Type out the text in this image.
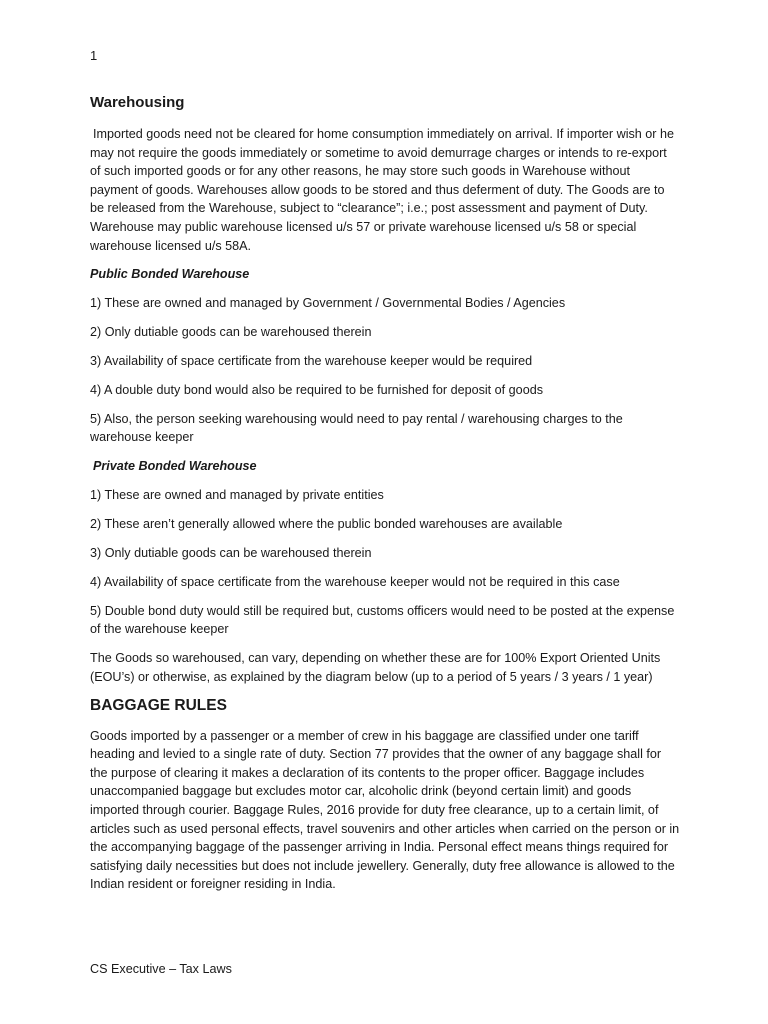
1
Warehousing

Imported goods need not be cleared for home consumption immediately on arrival. If importer wish or he may not require the goods immediately or sometime to avoid demurrage charges or intends to re-export of such imported goods or for any other reasons, he may store such goods in Warehouse without payment of goods. Warehouses allow goods to be stored and thus deferment of duty. The Goods are to be released from the Warehouse, subject to “clearance”; i.e.; post assessment and payment of Duty. Warehouse may public warehouse licensed u/s 57 or private warehouse licensed u/s 58 or special warehouse licensed u/s 58A.

Public Bonded Warehouse

1) These are owned and managed by Government / Governmental Bodies / Agencies

2) Only dutiable goods can be warehoused therein

3) Availability of space certificate from the warehouse keeper would be required

4) A double duty bond would also be required to be furnished for deposit of goods

5) Also, the person seeking warehousing would need to pay rental / warehousing charges to the warehouse keeper

Private Bonded Warehouse

1) These are owned and managed by private entities

2) These aren’t generally allowed where the public bonded warehouses are available

3) Only dutiable goods can be warehoused therein

4) Availability of space certificate from the warehouse keeper would not be required in this case

5) Double bond duty would still be required but, customs officers would need to be posted at the expense of the warehouse keeper

The Goods so warehoused, can vary, depending on whether these are for 100% Export Oriented Units (EOU’s) or otherwise, as explained by the diagram below (up to a period of 5 years / 3 years / 1 year)

BAGGAGE RULES

Goods imported by a passenger or a member of crew in his baggage are classified under one tariff heading and levied to a single rate of duty. Section 77 provides that the owner of any baggage shall for the purpose of clearing it makes a declaration of its contents to the proper officer. Baggage includes unaccompanied baggage but excludes motor car, alcoholic drink (beyond certain limit) and goods imported through courier. Baggage Rules, 2016 provide for duty free clearance, up to a certain limit, of articles such as used personal effects, travel souvenirs and other articles when carried on the person or in the accompanying baggage of the passenger arriving in India. Personal effect means things required for satisfying daily necessities but does not include jewellery. Generally, duty free allowance is allowed to the Indian resident or foreigner residing in India.

CS Executive – Tax Laws
